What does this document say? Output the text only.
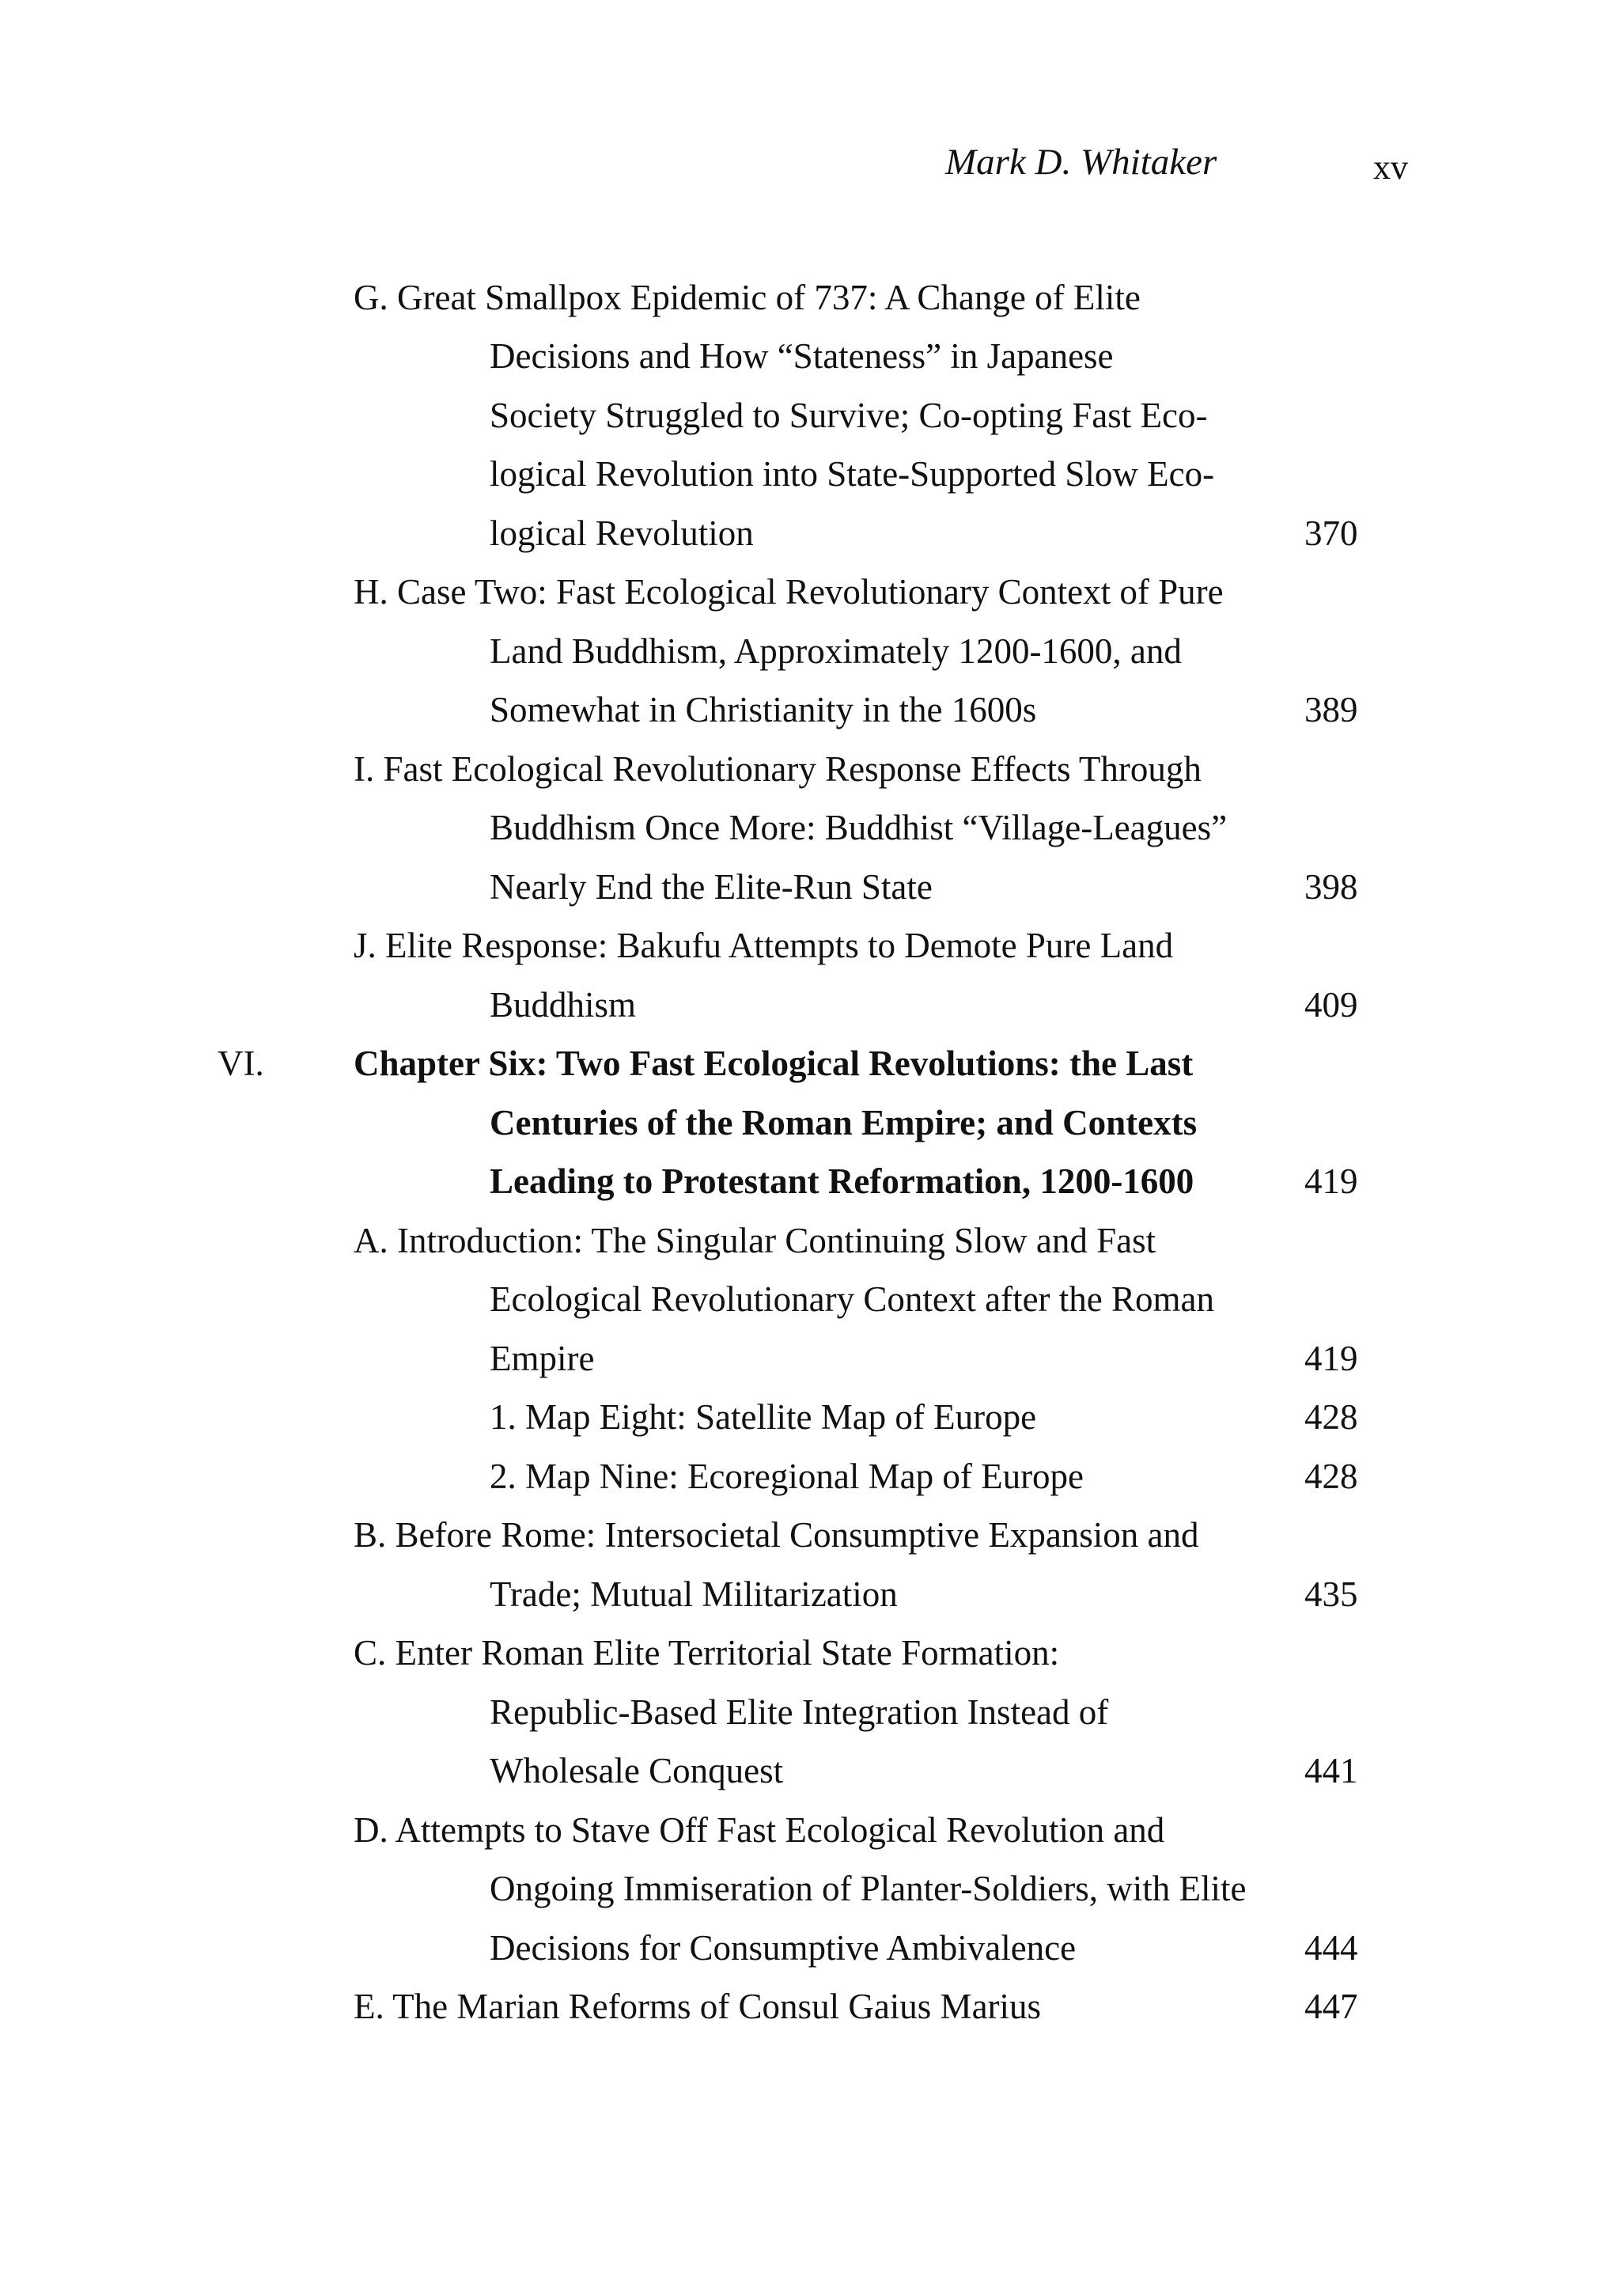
Mark D. Whitaker	xv
G. Great Smallpox Epidemic of 737: A Change of Elite
Decisions and How “Stateness” in Japanese
Society Struggled to Survive; Co-opting Fast Eco-
logical Revolution into State-Supported Slow Eco-
logical Revolution	370
H. Case Two: Fast Ecological Revolutionary Context of Pure
Land Buddhism, Approximately 1200-1600, and
Somewhat in Christianity in the 1600s	389
I. Fast Ecological Revolutionary Response Effects Through
Buddhism Once More: Buddhist “Village-Leagues”
Nearly End the Elite-Run State	398
J. Elite Response: Bakufu Attempts to Demote Pure Land
Buddhism	409
VI.	Chapter Six: Two Fast Ecological Revolutions: the Last
Centuries of the Roman Empire; and Contexts
Leading to Protestant Reformation, 1200-1600	419
A. Introduction: The Singular Continuing Slow and Fast
Ecological Revolutionary Context after the Roman
Empire	419
1. Map Eight: Satellite Map of Europe	428
2. Map Nine: Ecoregional Map of Europe	428
B. Before Rome: Intersocietal Consumptive Expansion and
Trade; Mutual Militarization	435
C. Enter Roman Elite Territorial State Formation:
Republic-Based Elite Integration Instead of
Wholesale Conquest	441
D. Attempts to Stave Off Fast Ecological Revolution and
Ongoing Immiseration of Planter-Soldiers, with Elite
Decisions for Consumptive Ambivalence	444
E. The Marian Reforms of Consul Gaius Marius	447
